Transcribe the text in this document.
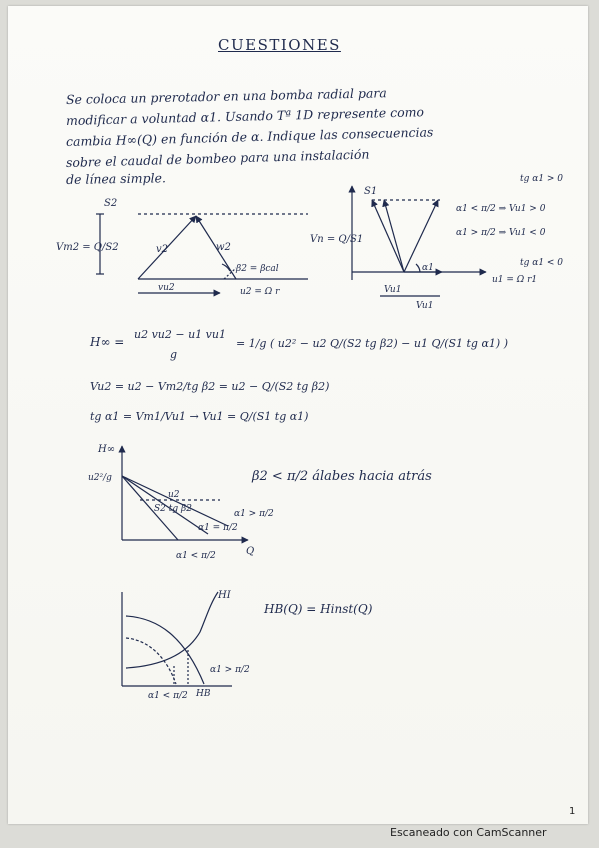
CUESTIONES
Se coloca un prerotador en una bomba radial para
modificar a voluntad α1. Usando Tª 1D represente como
cambia H∞(Q) en función de α. Indique las consecuencias
sobre el caudal de bombeo para una instalación
de línea simple.
H∞ =
u2 vu2 − u1 vu1
g
= 1/g ( u2² − u2 Q/(S2 tg β2) − u1 Q/(S1 tg α1) )
Vu2 = u2 − Vm2/tg β2 = u2 − Q/(S2 tg β2)
tg α1 = Vm1/Vu1 → Vu1 = Q/(S1 tg α1)
β2 < π/2 álabes hacia atrás
HB(Q) = Hinst(Q)
tg α1 > 0
α1 < π/2 ⇒ Vu1 > 0
α1 > π/2 ⇒ Vu1 < 0
tg α1 < 0
S2
Vm2 = Q/S2	v2	w2
β2 = βcal
vu2	u2 = Ω r
S1
Vn = Q/S1
α1
Vu1
Vu1
u1 = Ω r1
H∞
u2²/g
Q
u2
S2 tg β2	α1 > π/2
α1 = π/2
α1 < π/2
HI
α1 > π/2
α1 < π/2 HB
1
Escaneado con CamScanner
